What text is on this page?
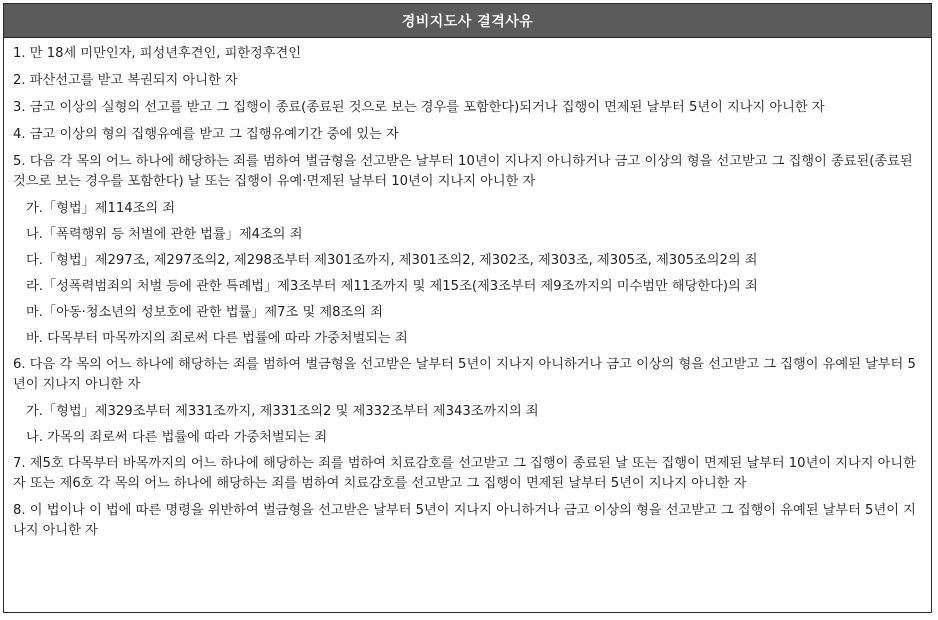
경비지도사 결격사유
1. 만 18세 미만인자, 피성년후견인, 피한정후견인
2. 파산선고를 받고 복권되지 아니한 자
3. 금고 이상의 실형의 선고를 받고 그 집행이 종료(종료된 것으로 보는 경우를 포함한다)되거나 집행이 면제된 날부터 5년이 지나지 아니한 자
4. 금고 이상의 형의 집행유예를 받고 그 집행유예기간 중에 있는 자
5. 다음 각 목의 어느 하나에 해당하는 죄를 범하여 벌금형을 선고받은 날부터 10년이 지나지 아니하거나 금고 이상의 형을 선고받고 그 집행이 종료된(종료된 것으로 보는 경우를 포함한다) 날 또는 집행이 유예·면제된 날부터 10년이 지나지 아니한 자
가.「형법」제114조의 죄
나.「폭력행위 등 처벌에 관한 법률」제4조의 죄
다.「형법」제297조, 제297조의2, 제298조부터 제301조까지, 제301조의2, 제302조, 제303조, 제305조, 제305조의2의 죄
라.「성폭력범죄의 처벌 등에 관한 특례법」제3조부터 제11조까지 및 제15조(제3조부터 제9조까지의 미수범만 해당한다)의 죄
마.「아동·청소년의 성보호에 관한 법률」제7조 및 제8조의 죄
바. 다목부터 마목까지의 죄로써 다른 법률에 따라 가중처벌되는 죄
6. 다음 각 목의 어느 하나에 해당하는 죄를 범하여 벌금형을 선고받은 날부터 5년이 지나지 아니하거나 금고 이상의 형을 선고받고 그 집행이 유예된 날부터 5년이 지나지 아니한 자
가.「형법」제329조부터 제331조까지, 제331조의2 및 제332조부터 제343조까지의 죄
나. 가목의 죄로써 다른 법률에 따라 가중처벌되는 죄
7. 제5호 다목부터 바목까지의 어느 하나에 해당하는 죄를 범하여 치료감호를 선고받고 그 집행이 종료된 날 또는 집행이 면제된 날부터 10년이 지나지 아니한 자 또는 제6호 각 목의 어느 하나에 해당하는 죄를 범하여 치료감호를 선고받고 그 집행이 면제된 날부터 5년이 지나지 아니한 자
8. 이 법이나 이 법에 따른 명령을 위반하여 벌금형을 선고받은 날부터 5년이 지나지 아니하거나 금고 이상의 형을 선고받고 그 집행이 유예된 날부터 5년이 지나지 아니한 자
